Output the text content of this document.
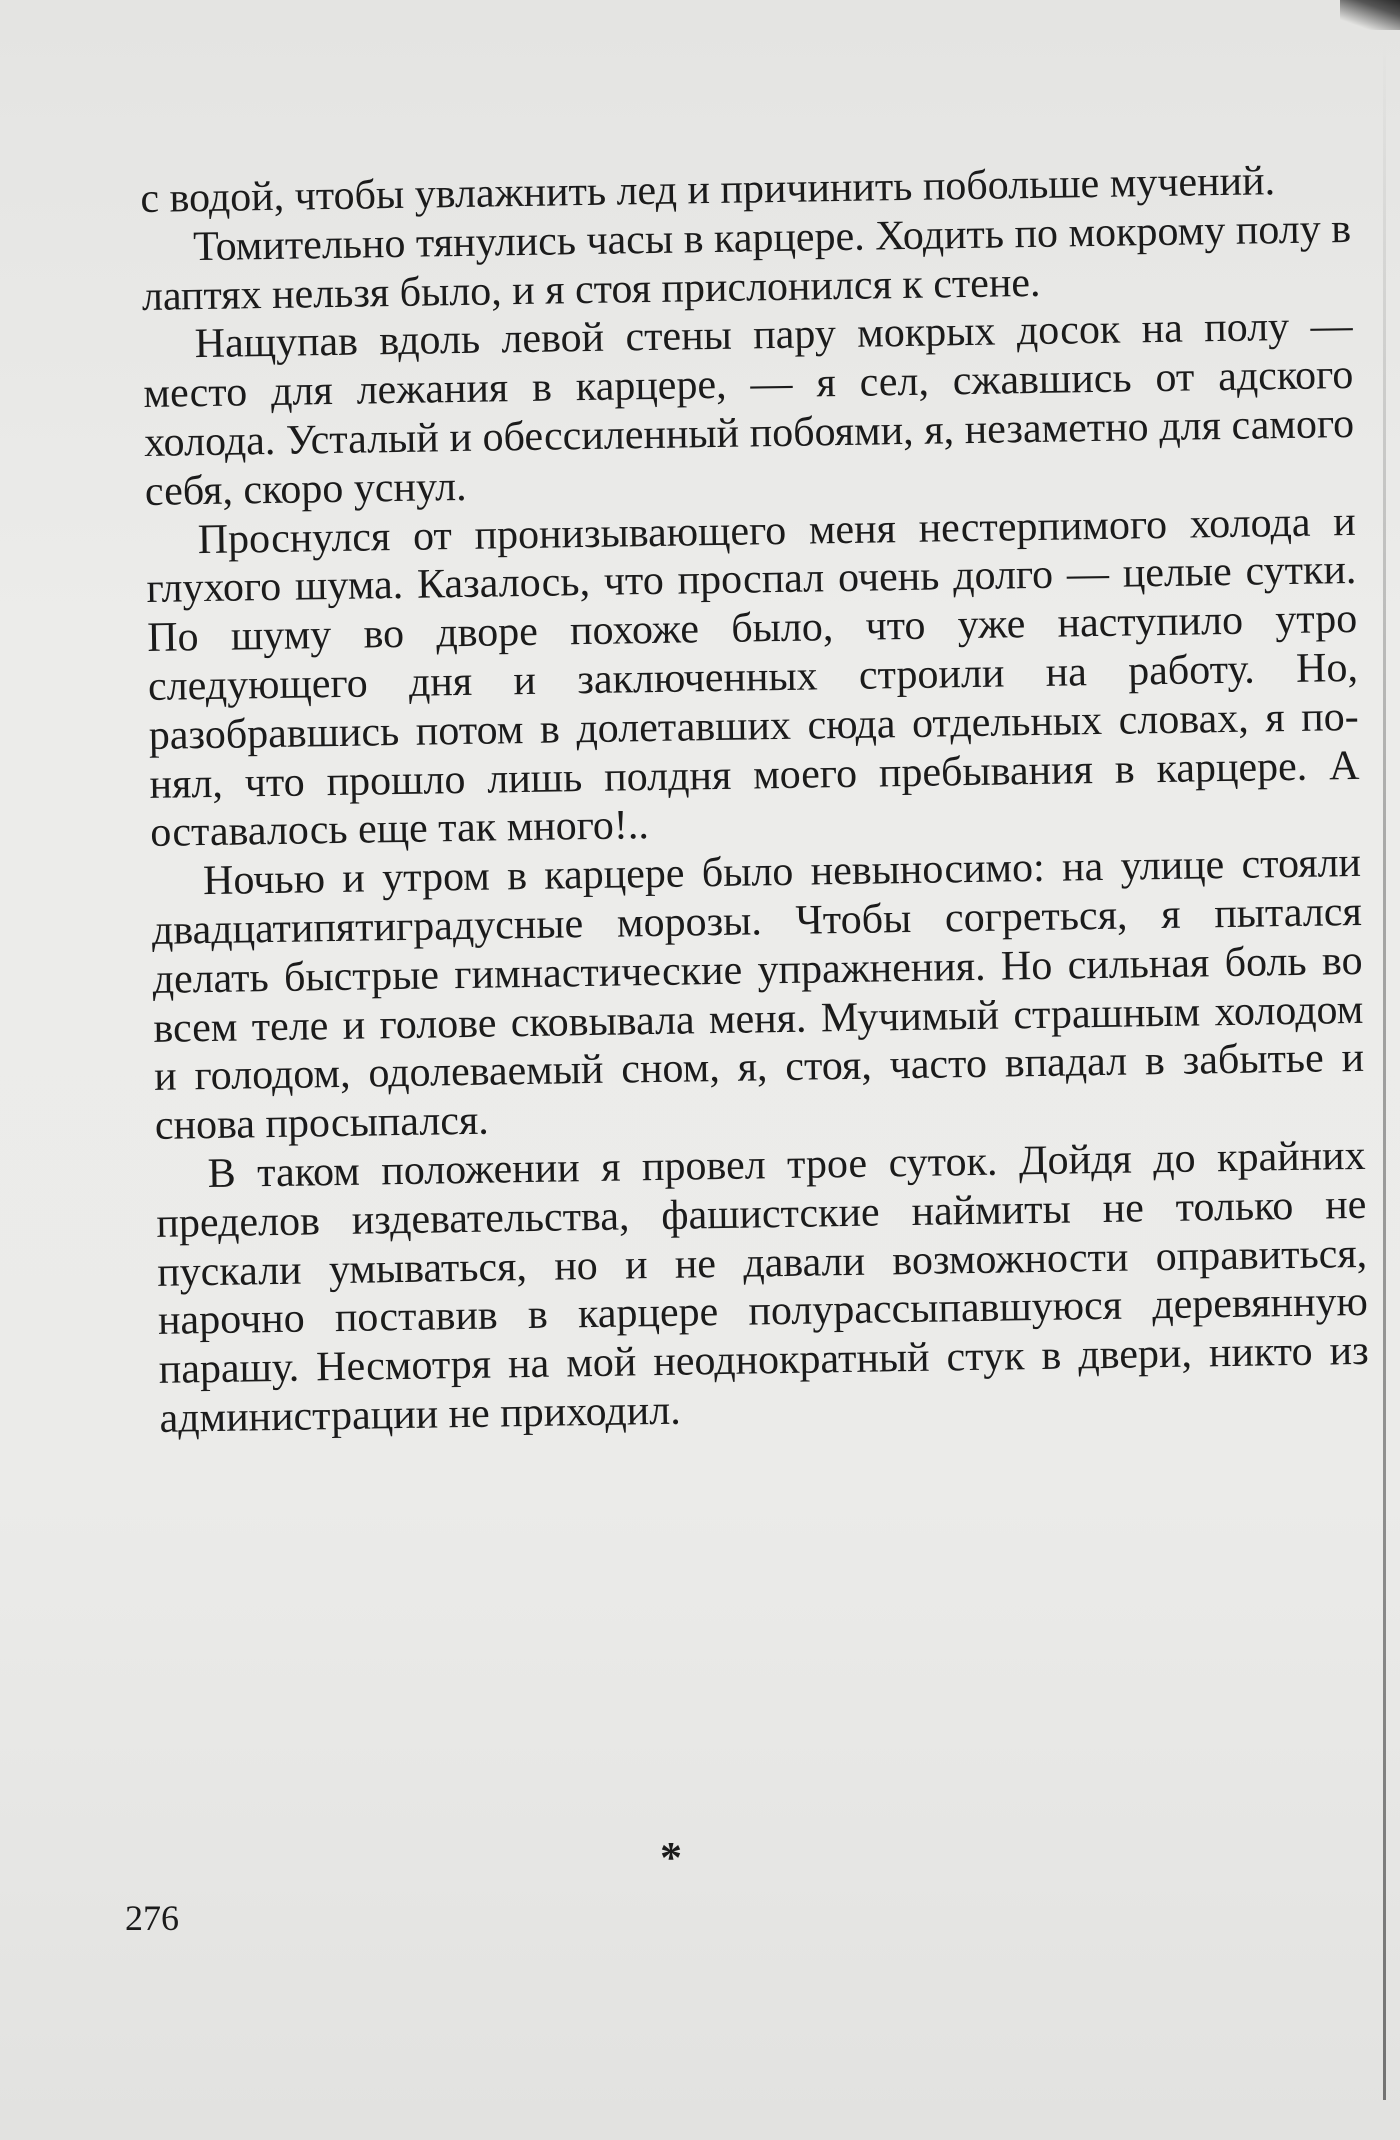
с водой, чтобы увлажнить лед и причинить побольше мучений.

Томительно тянулись часы в карцере. Ходить по мокрому полу в лаптях нельзя было, и я стоя прислонился к стене.

Нащупав вдоль левой стены пару мокрых досок на полу — место для лежания в карцере, — я сел, сжавшись от адского холода. Усталый и обессиленный побоями, я, незаметно для самого себя, скоро уснул.

Проснулся от пронизывающего меня нестерпимого холода и глухого шума. Казалось, что проспал очень долго — целые сутки. По шуму во дворе похоже было, что уже наступило утро следующего дня и заключенных строили на работу. Но, разобравшись потом в долетавших сюда отдельных словах, я понял, что прошло лишь полдня моего пребывания в карцере. А оставалось еще так много!..

Ночью и утром в карцере было невыносимо: на улице стояли двадцатипятиградусные морозы. Чтобы согреться, я пытался делать быстрые гимнастические упражнения. Но сильная боль во всем теле и голове сковывала меня. Мучимый страшным холодом и голодом, одолеваемый сном, я, стоя, часто впадал в забытье и снова просыпался.

В таком положении я провел трое суток. Дойдя до крайних пределов издевательства, фашистские наймиты не только не пускали умываться, но и не давали возможности оправиться, нарочно поставив в карцере полурассыпавшуюся деревянную парашу. Несмотря на мой неоднократный стук в двери, никто из администрации не приходил.

*
276
